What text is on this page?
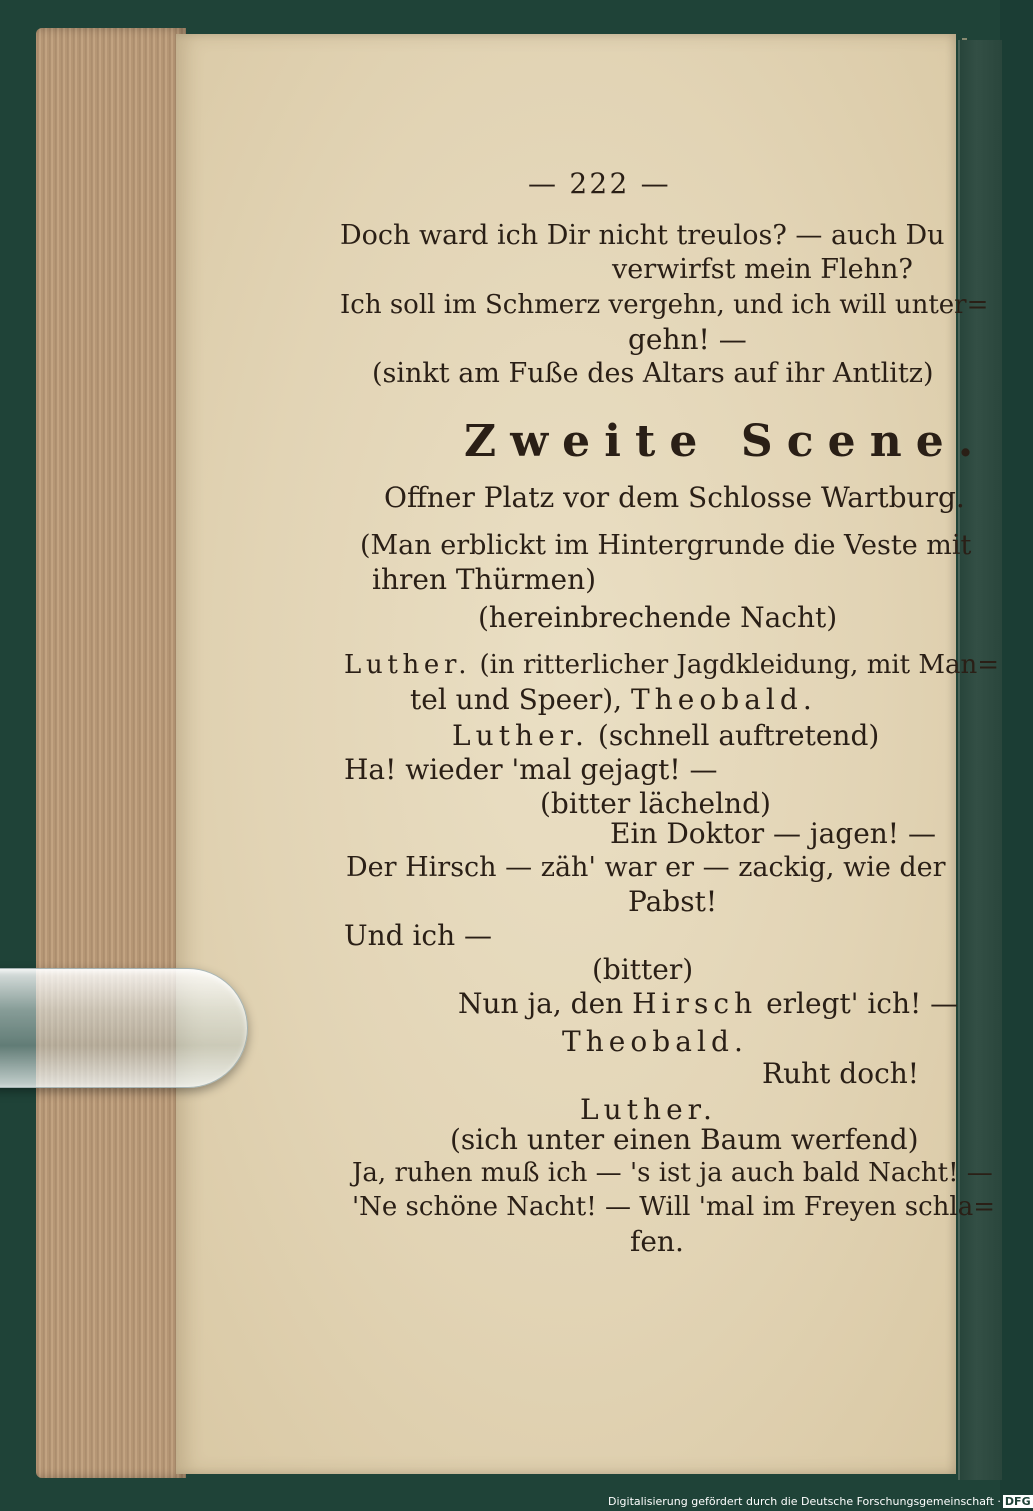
— 222 —
Doch ward ich Dir nicht treulos? — auch Du
verwirfst mein Flehn?
Ich soll im Schmerz vergehn, und ich will unter=
gehn! —
(sinkt am Fuße des Altars auf ihr Antlitz)
Zweite Scene.
Offner Platz vor dem Schlosse Wartburg.
(Man erblickt im Hintergrunde die Veste mit
ihren Thürmen)
(hereinbrechende Nacht)
Luther. (in ritterlicher Jagdkleidung, mit Man=
tel und Speer), Theobald.
Luther. (schnell auftretend)
Ha! wieder 'mal gejagt! —
(bitter lächelnd)
Ein Doktor — jagen! —
Der Hirsch — zäh' war er — zackig, wie der
Pabst!
Und ich —
(bitter)
Nun ja, den Hirsch erlegt' ich! —
Theobald.
Ruht doch!
Luther.
(sich unter einen Baum werfend)
Ja, ruhen muß ich — 's ist ja auch bald Nacht! —
'Ne schöne Nacht! — Will 'mal im Freyen schla=
fen.
Digitalisierung gefördert durch die Deutsche Forschungsgemeinschaft · DFG
